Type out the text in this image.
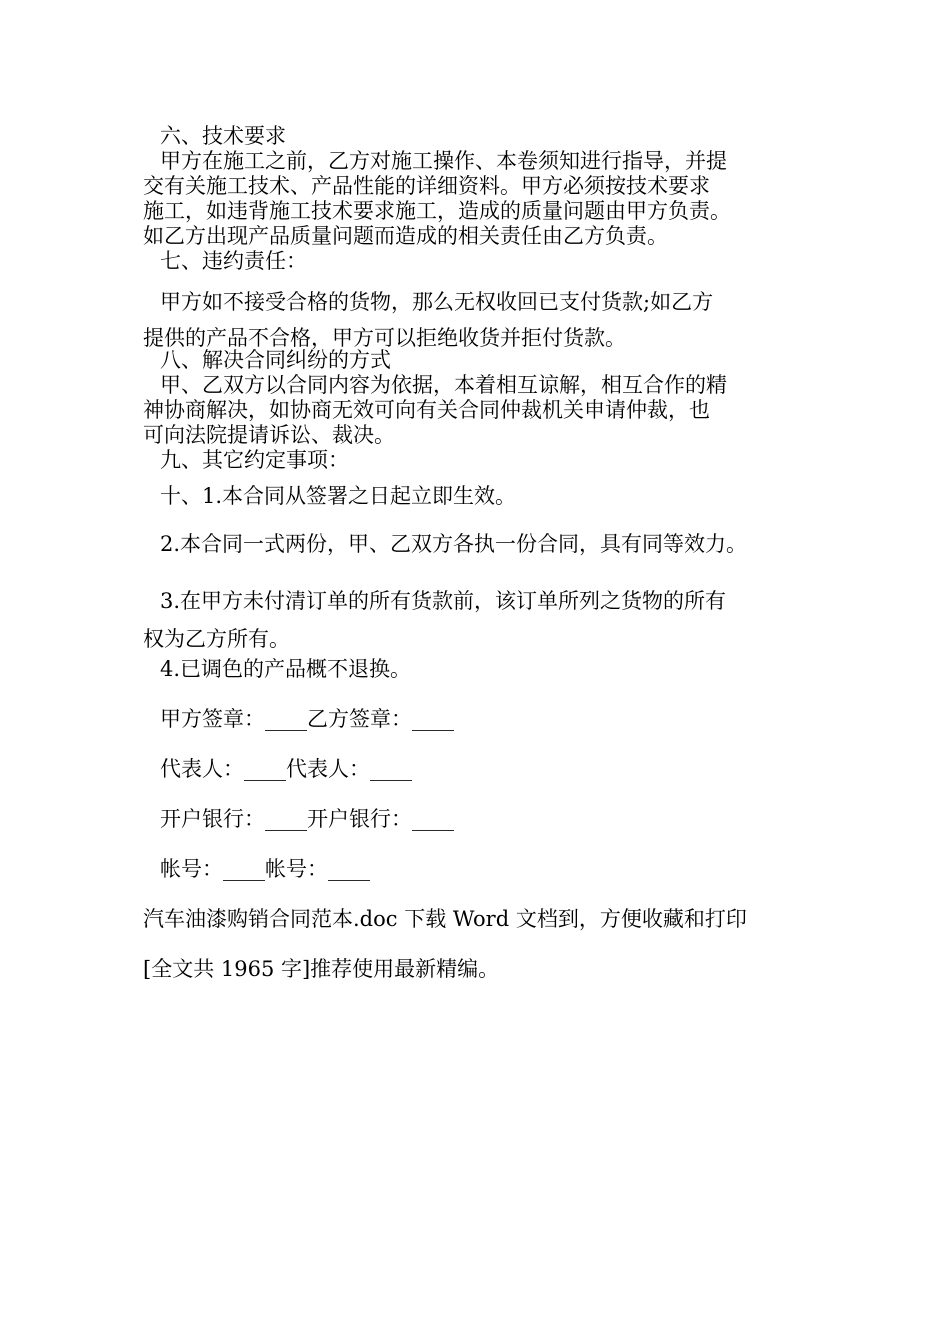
六、技术要求
甲方在施工之前，乙方对施工操作、本卷须知进行指导，并提
交有关施工技术、产品性能的详细资料。甲方必须按技术要求
施工，如违背施工技术要求施工，造成的质量问题由甲方负责。
如乙方出现产品质量问题而造成的相关责任由乙方负责。
七、违约责任：
甲方如不接受合格的货物，那么无权收回已支付货款;如乙方
提供的产品不合格，甲方可以拒绝收货并拒付货款。
八、解决合同纠纷的方式
甲、乙双方以合同内容为依据，本着相互谅解，相互合作的精
神协商解决，如协商无效可向有关合同仲裁机关申请仲裁，也
可向法院提请诉讼、裁决。
九、其它约定事项：
十、1.本合同从签署之日起立即生效。
2.本合同一式两份，甲、乙双方各执一份合同，具有同等效力。
3.在甲方未付清订单的所有货款前，该订单所列之货物的所有
权为乙方所有。
4.已调色的产品概不退换。
甲方签章：____乙方签章：____
代表人：____代表人：____
开户银行：____开户银行：____
帐号：____帐号：____
汽车油漆购销合同范本.doc 下载 Word 文档到，方便收藏和打印
[全文共 1965 字]推荐使用最新精编。
